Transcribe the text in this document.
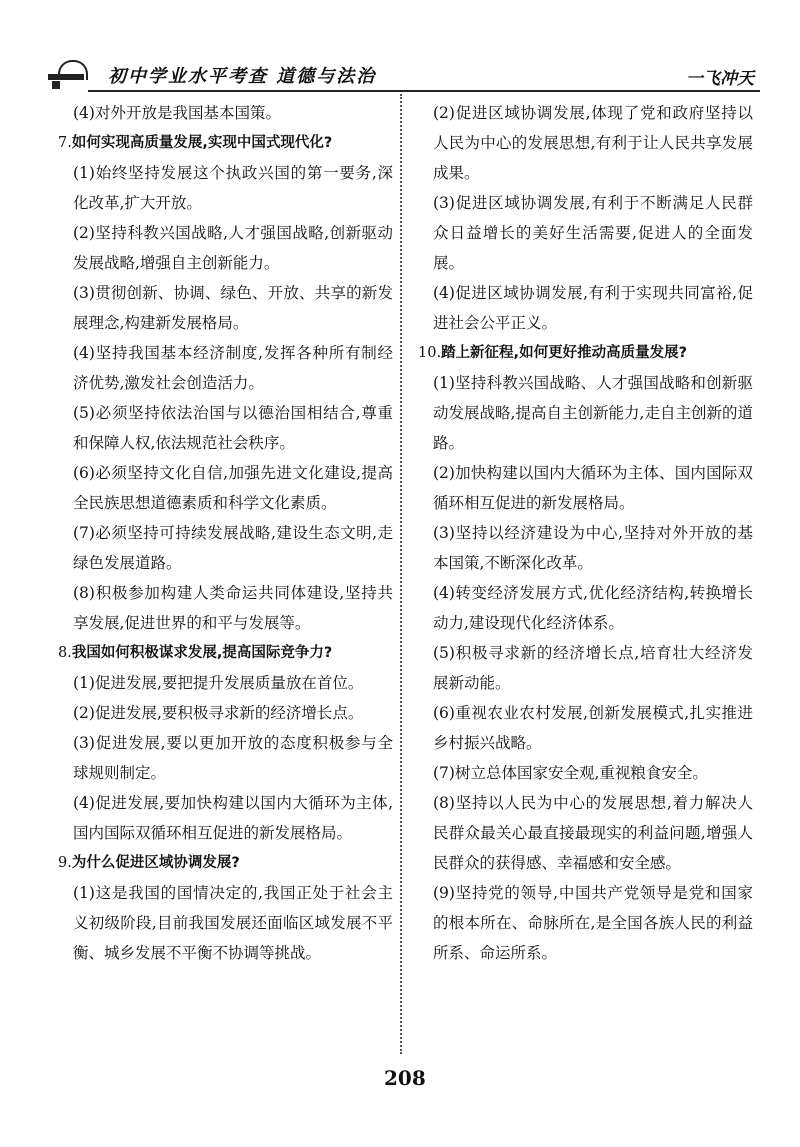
初中学业水平考查 道德与法治	一飞冲天

(4)对外开放是我国基本国策。

7.如何实现高质量发展,实现中国式现代化?

(1)始终坚持发展这个执政兴国的第一要务,深化改革,扩大开放。

(2)坚持科教兴国战略,人才强国战略,创新驱动发展战略,增强自主创新能力。

(3)贯彻创新、协调、绿色、开放、共享的新发展理念,构建新发展格局。

(4)坚持我国基本经济制度,发挥各种所有制经济优势,激发社会创造活力。

(5)必须坚持依法治国与以德治国相结合,尊重和保障人权,依法规范社会秩序。

(6)必须坚持文化自信,加强先进文化建设,提高全民族思想道德素质和科学文化素质。

(7)必须坚持可持续发展战略,建设生态文明,走绿色发展道路。

(8)积极参加构建人类命运共同体建设,坚持共享发展,促进世界的和平与发展等。

8.我国如何积极谋求发展,提高国际竞争力?

(1)促进发展,要把提升发展质量放在首位。

(2)促进发展,要积极寻求新的经济增长点。

(3)促进发展,要以更加开放的态度积极参与全球规则制定。

(4)促进发展,要加快构建以国内大循环为主体,国内国际双循环相互促进的新发展格局。

9.为什么促进区域协调发展?

(1)这是我国的国情决定的,我国正处于社会主义初级阶段,目前我国发展还面临区域发展不平衡、城乡发展不平衡不协调等挑战。

(2)促进区域协调发展,体现了党和政府坚持以人民为中心的发展思想,有利于让人民共享发展成果。

(3)促进区域协调发展,有利于不断满足人民群众日益增长的美好生活需要,促进人的全面发展。

(4)促进区域协调发展,有利于实现共同富裕,促进社会公平正义。

10.踏上新征程,如何更好推动高质量发展?

(1)坚持科教兴国战略、人才强国战略和创新驱动发展战略,提高自主创新能力,走自主创新的道路。

(2)加快构建以国内大循环为主体、国内国际双循环相互促进的新发展格局。

(3)坚持以经济建设为中心,坚持对外开放的基本国策,不断深化改革。

(4)转变经济发展方式,优化经济结构,转换增长动力,建设现代化经济体系。

(5)积极寻求新的经济增长点,培育壮大经济发展新动能。

(6)重视农业农村发展,创新发展模式,扎实推进乡村振兴战略。

(7)树立总体国家安全观,重视粮食安全。

(8)坚持以人民为中心的发展思想,着力解决人民群众最关心最直接最现实的利益问题,增强人民群众的获得感、幸福感和安全感。

(9)坚持党的领导,中国共产党领导是党和国家的根本所在、命脉所在,是全国各族人民的利益所系、命运所系。

208
